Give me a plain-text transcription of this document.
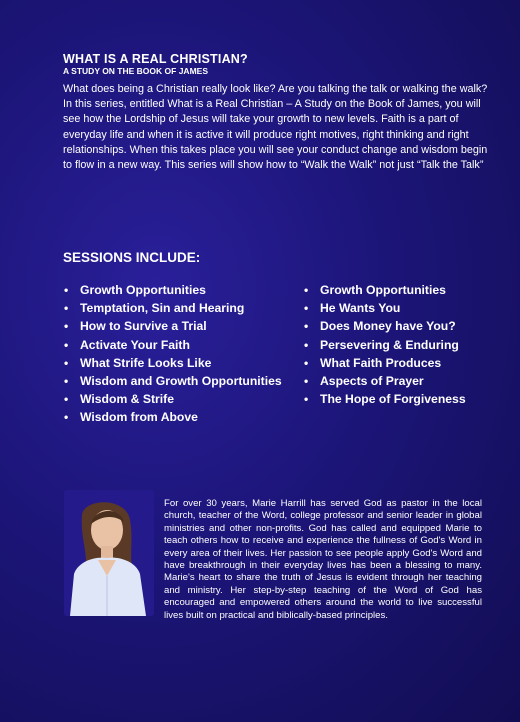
WHAT IS A REAL CHRISTIAN?
A STUDY ON THE BOOK OF JAMES

What does being a Christian really look like? Are you talking the talk or walking the walk? In this series, entitled What is a Real Christian – A Study on the Book of James, you will see how the Lordship of Jesus will take your growth to new levels. Faith is a part of everyday life and when it is active it will produce right motives, right thinking and right relationships. When this takes place you will see your conduct change and wisdom begin to flow in a new way. This series will show how to “Walk the Walk” not just “Talk the Talk”

SESSIONS INCLUDE:
• Growth Opportunities
• Temptation, Sin and Hearing
• How to Survive a Trial
• Activate Your Faith
• What Strife Looks Like
• Wisdom and Growth Opportunities
• Wisdom & Strife
• Wisdom from Above
• Growth Opportunities
• He Wants You
• Does Money have You?
• Persevering & Enduring
• What Faith Produces
• Aspects of Prayer
• The Hope of Forgiveness

For over 30 years, Marie Harrill has served God as pastor in the local church, teacher of the Word, college professor and senior leader in global ministries and other non-profits. God has called and equipped Marie to teach others how to receive and experience the fullness of God's Word in every area of their lives. Her passion to see people apply God's Word and have breakthrough in their everyday lives has been a blessing to many. Marie's heart to share the truth of Jesus is evident through her teaching and ministry. Her step-by-step teaching of the Word of God has encouraged and empowered others around the world to live successful lives built on practical and biblically-based principles.
